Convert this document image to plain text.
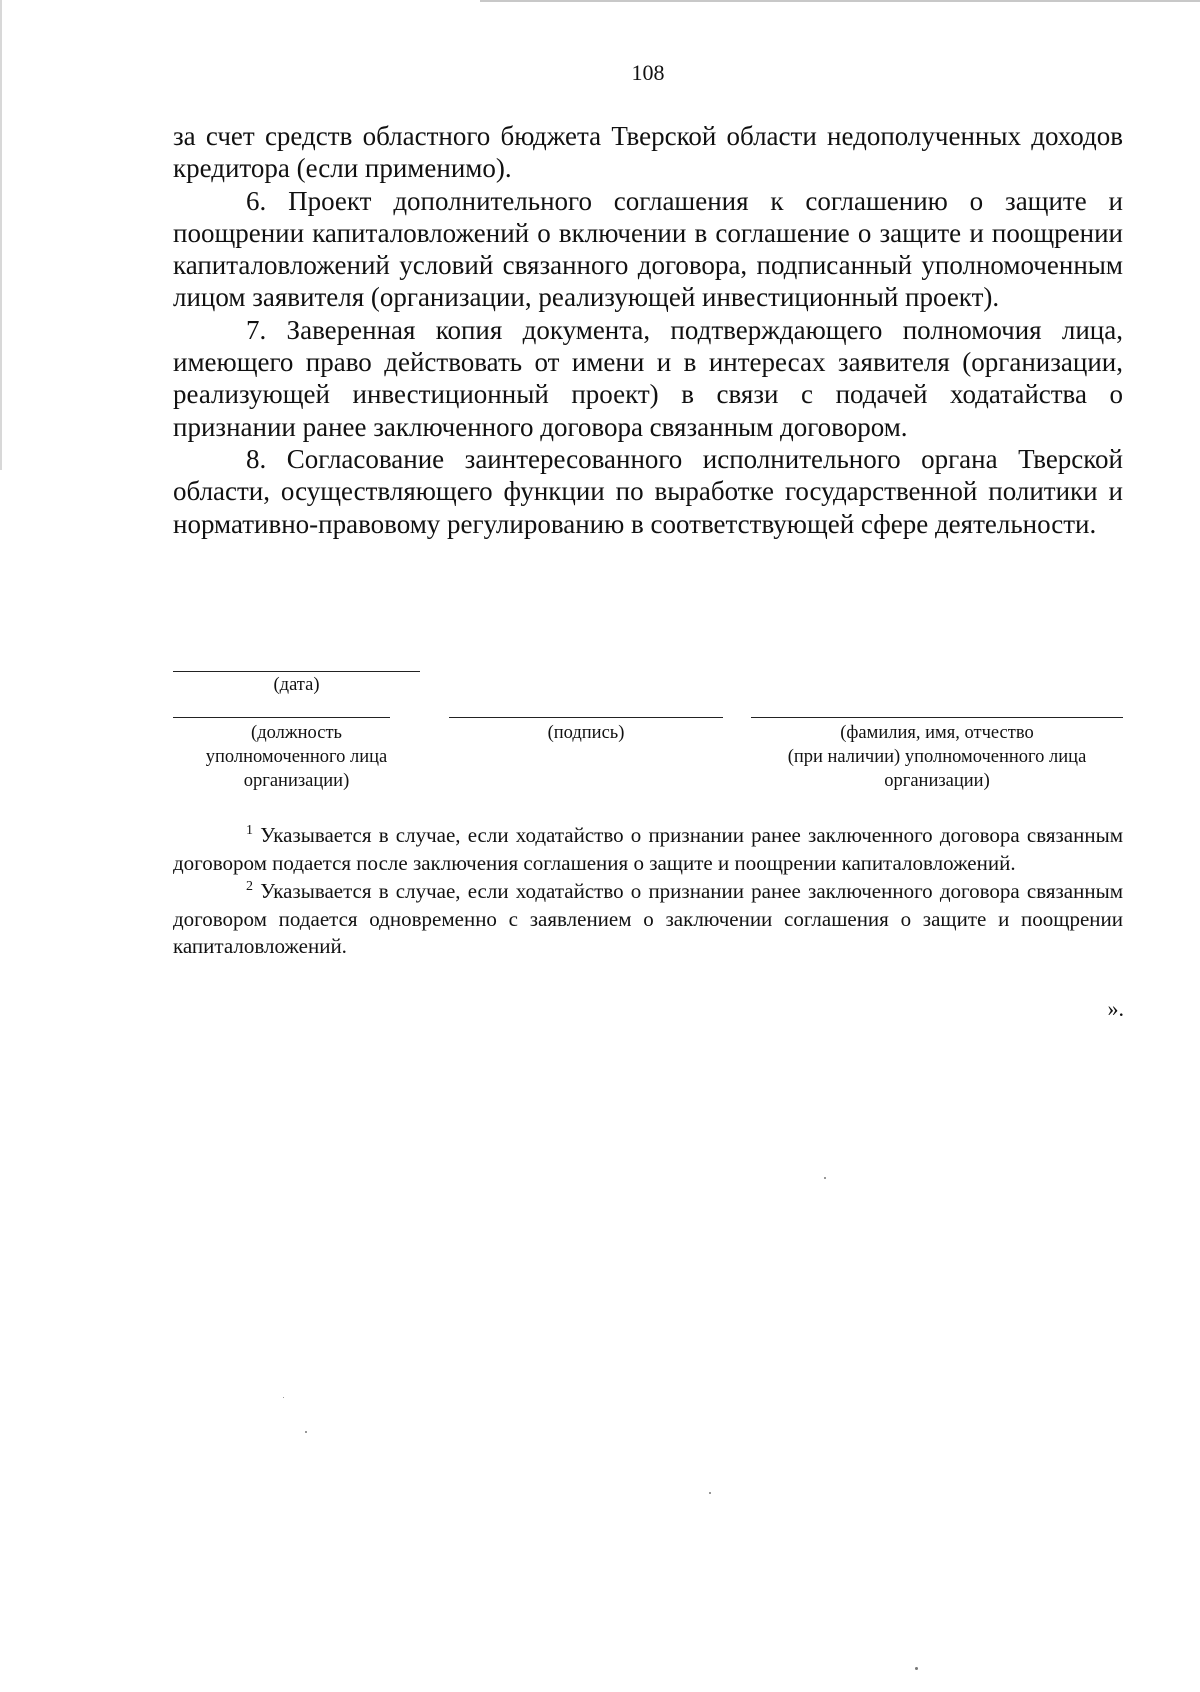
108

за счет средств областного бюджета Тверской области недополученных доходов кредитора (если применимо).

6. Проект дополнительного соглашения к соглашению о защите и поощрении капиталовложений о включении в соглашение о защите и поощрении капиталовложений условий связанного договора, подписанный уполномоченным лицом заявителя (организации, реализующей инвестиционный проект).

7. Заверенная копия документа, подтверждающего полномочия лица, имеющего право действовать от имени и в интересах заявителя (организации, реализующей инвестиционный проект) в связи с подачей ходатайства о признании ранее заключенного договора связанным договором.

8. Согласование заинтересованного исполнительного органа Тверской области, осуществляющего функции по выработке государственной политики и нормативно-правовому регулированию в соответствующей сфере деятельности.

(дата)
(должность
уполномоченного лица
организации)
(подпись)	(фамилия, имя, отчество
(при наличии) уполномоченного лица
организации)

$^1$ Указывается в случае, если ходатайство о признании ранее заключенного договора связанным договором подается после заключения соглашения о защите и поощрении капиталовложений.

$^2$ Указывается в случае, если ходатайство о признании ранее заключенного договора связанным договором подается одновременно с заявлением о заключении соглашения о защите и поощрении капиталовложений.

».
